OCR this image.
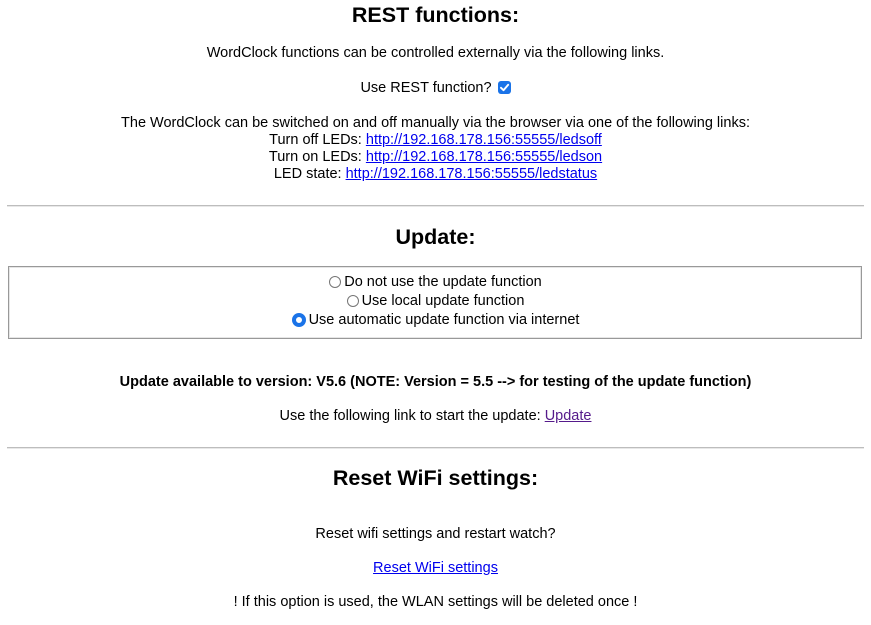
REST functions:
WordClock functions can be controlled externally via the following links.
Use REST function?
The WordClock can be switched on and off manually via the browser via one of the following links:
Turn off LEDs: http://192.168.178.156:55555/ledsoff
Turn on LEDs: http://192.168.178.156:55555/ledson
LED state: http://192.168.178.156:55555/ledstatus
Update:
Do not use the update function
Use local update function
Use automatic update function via internet
Update available to version: V5.6 (NOTE: Version = 5.5 --> for testing of the update function)
Use the following link to start the update: Update
Reset WiFi settings:
Reset wifi settings and restart watch?
Reset WiFi settings
! If this option is used, the WLAN settings will be deleted once !
